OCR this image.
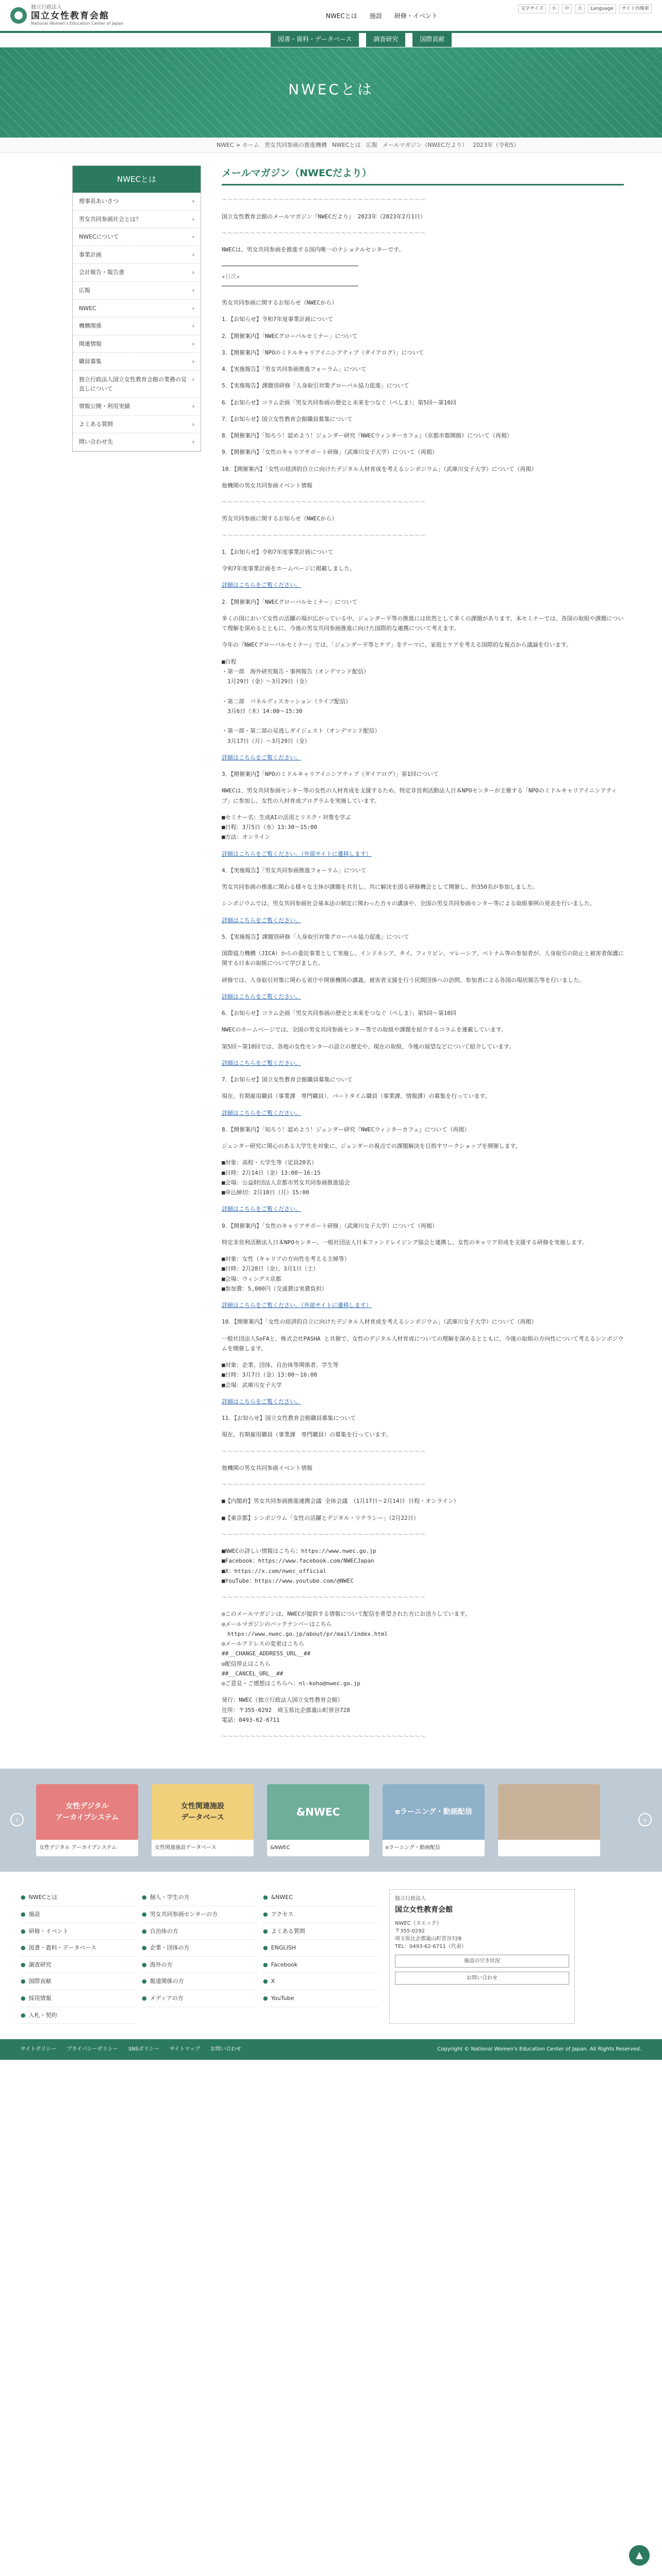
独立行政法人
国立女性教育会館
National Women's Education Center of Japan
NWECとは	施設	研修・イベント
文字サイズ	小	中	大	Language	サイト内検索
図書・資料・データベース	調査研究	国際貢献
NWECとは
NWEC > ホーム 男女共同参画の推進機構 NWECとは 広報 メールマガジン（NWECだより） 2023年（令和5）
NWECとは
理事長あいさつ	›
男女共同参画社会とは？	›
NWECについて	›
事業計画	›
会計報告・報告書	›
広報	›
NWEC	›
機構関係	›
関連情報	›
職員募集	›
独立行政法人国立女性教育会館の業務の見直しについて
›
情報公開・利用実績	›
よくある質問	›
問い合わせ先	›
メールマガジン（NWECだより）

～～～～～～～～～～～～～～～～～～～～～～～～～～～～～～～～～～～～

国立女性教育会館のメールマガジン『NWECだより』 2023年（2023年2月1日）

～～～～～～～～～～～～～～～～～～～～～～～～～～～～～～～～～～～～

NWECは、男女共同参画を推進する国内唯一のナショナルセンターです。

━━━━━━━━━━━━━━━━━━━━━━━━━━━━━━━━━━━━━━━━
★目次★
━━━━━━━━━━━━━━━━━━━━━━━━━━━━━━━━━━━━━━━━

男女共同参画に関するお知らせ（NWECから）

1．【お知らせ】令和7年度事業計画について

2．【開催案内】「NWECグローバルセミナー」について

3．【開催案内】「NPOのミドルキャリアイニシアティブ（ダイアログ）」について

4．【実施報告】「男女共同参画推進フォーラム」について

5．【実施報告】課題別研修「人身取引対策グローバル協力促進」について

6．【お知らせ】コラム企画「男女共同参画の歴史と未来をつなぐ（ぺしま）」第5回〜第10回

7．【お知らせ】国立女性教育会館職員募集について

8．【開催案内】「知ろう！認めよう！ジェンダー研究『NWECウィンターカフェ』（京都市都開館）について（再掲）

9．【開催案内】「女性のキャリアサポート研修」（武庫川女子大学）について（再掲）

10．【開催案内】「女性の経済的自立に向けたデジタル人材育成を考えるシンポジウム」（武庫川女子大学）について（再掲）

他機関の男女共同参画イベント情報

～～～～～～～～～～～～～～～～～～～～～～～～～～～～～～～～～～～～

男女共同参画に関するお知らせ（NWECから）

～～～～～～～～～～～～～～～～～～～～～～～～～～～～～～～～～～～～

1．【お知らせ】令和7年度事業計画について

令和7年度事業計画をホームページに掲載しました。

詳細はこちらをご覧ください。

2．【開催案内】「NWECグローバルセミナー」について

多くの国において女性の活躍の場が広がっている中、ジェンダー平等の推進には依然として多くの課題があります。本セミナーでは、各国の取組や課題について理解を深めるとともに、今後の男女共同参画推進に向けた国際的な連携について考えます。

今年の『NWECグローバルセミナー』では、「ジェンダー平等とケア」をテーマに、家庭とケアを考える国際的な視点から議論を行います。

■日程
・第一部　海外研究報告・事例報告（オンデマンド配信）
　1月29日（金）〜3月29日（金）

・第二部　パネルディスカッション（ライブ配信）
　3月6日（木）14:00〜15:30

・第一部・第二部の見逃しダイジェスト（オンデマンド配信）
　3月17日（月）〜3月29日（金）

詳細はこちらをご覧ください。

3．【開催案内】「NPOのミドルキャリアイニシアティブ（ダイアログ）」第1回について

NWECは、男女共同参画センター等の女性の人材育成を支援するため、特定非営利活動法人日本NPOセンターが主催する「NPOのミドルキャリアイニシアティブ」に参加し、女性の人材育成プログラムを実施しています。

■セミナー名：生成AIの活用とリスク・対策を学ぶ
■日程：3月5日（水）13:30〜15:00
■方法：オンライン

詳細はこちらをご覧ください。（外部サイトに遷移します）

4．【実施報告】「男女共同参画推進フォーラム」について

男女共同参画の推進に関わる様々な主体が課題を共有し、共に解決を図る研修機会として開催し、約350名が参加しました。

シンポジウムでは、男女共同参画社会基本法の制定に関わった方々の講演や、全国の男女共同参画センター等による取組事例の発表を行いました。

詳細はこちらをご覧ください。

5．【実施報告】課題別研修「人身取引対策グローバル協力促進」について

国際協力機構（JICA）からの委託事業として実施し、インドネシア、タイ、フィリピン、マレーシア、ベトナム等の参加者が、人身取引の防止と被害者保護に関する日本の取組について学びました。

研修では、人身取引対策に関わる省庁や関係機関の講義、被害者支援を行う民間団体への訪問、参加者による各国の現状報告等を行いました。

詳細はこちらをご覧ください。

6．【お知らせ】コラム企画「男女共同参画の歴史と未来をつなぐ（ぺしま）」第5回〜第10回

NWECのホームページでは、全国の男女共同参画センター等での取組や課題を紹介するコラムを連載しています。

第5回〜第10回では、各地の女性センターの設立の歴史や、現在の取組、今後の展望などについて紹介しています。

詳細はこちらをご覧ください。

7．【お知らせ】国立女性教育会館職員募集について

現在、有期雇用職員（事業課　専門職員）、パートタイム職員（事業課、情報課）の募集を行っています。

詳細はこちらをご覧ください。

8．【開催案内】「知ろう！認めよう！ジェンダー研究『NWECウィンターカフェ』について（再掲）

ジェンダー研究に関心のある大学生を対象に、ジェンダーの視点での課題解決を目指すワークショップを開催します。

■対象：高校・大学生等（定員20名）
■日時：2月14日（金）13:00〜16:15
■会場：公益財団法人京都市男女共同参画推進協会
■申込締切：2月10日（月）15:00

詳細はこちらをご覧ください。

9．【開催案内】「女性のキャリアサポート研修」（武庫川女子大学）について（再掲）

特定非営利活動法人日本NPOセンター、一般社団法人日本ファンドレイジング協会と連携し、女性のキャリア形成を支援する研修を実施します。

■対象：女性（キャリアの方向性を考える主婦等）
■日時：2月28日（金）、3月1日（土）
■会場：ウィングス京都
■参加費：5,000円（交通費は実費負担）

詳細はこちらをご覧ください。（外部サイトに遷移します）

10．【開催案内】「女性の経済的自立に向けたデジタル人材育成を考えるシンポジウム」（武庫川女子大学）について（再掲）

一般社団法人SoFAと、株式会社PASHA と共催で、女性のデジタル人材育成についての理解を深めるとともに、今後の取組の方向性について考えるシンポジウムを開催します。

■対象：企業、団体、自治体等関係者、学生等
■日時：3月7日（金）13:00〜16:00
■会場：武庫川女子大学

詳細はこちらをご覧ください。

11．【お知らせ】国立女性教育会館職員募集について

現在、有期雇用職員（事業課　専門職員）の募集を行っています。

～～～～～～～～～～～～～～～～～～～～～～～～～～～～～～～～～～～～

他機関の男女共同参画イベント情報

～～～～～～～～～～～～～～～～～～～～～～～～～～～～～～～～～～～～

■【内閣府】男女共同参画推進連携会議 全体会議　（1月17日〜2月14日 日程・オンライン）

■【東京都】シンポジウム「女性の活躍とデジタル・リテラシー」（2月22日）

～～～～～～～～～～～～～～～～～～～～～～～～～～～～～～～～～～～～

■NWECの詳しい情報はこちら：https://www.nwec.go.jp
■Facebook：https://www.facebook.com/NWECJapan
■X：https://x.com/nwec_official
■YouTube：https://www.youtube.com/@NWEC

～～～～～～～～～～～～～～～～～～～～～～～～～～～～～～～～～～～～

◎このメールマガジンは、NWECが提供する情報について配信を希望された方にお送りしています。
◎メールマガジンのバックナンバーはこちら
　https://www.nwec.go.jp/about/pr/mail/index.html
◎メールアドレスの変更はこちら
##__CHANGE_ADDRESS_URL__##
◎配信停止はこちら
##__CANCEL_URL__##
◎ご意見・ご感想はこちらへ：nl-koho@nwec.go.jp

発行：NWEC（独立行政法人国立女性教育会館）
住所：〒355-0292　埼玉県比企郡嵐山町菅谷728
電話：0493-62-6711

～～～～～～～～～～～～～～～～～～～～～～～～～～～～～～～～～～～～

‹
女性デジタル
アーカイブシステム
女性デジタル アーカイブシステム
女性関連施設
データベース
女性関連施設データベース
&NWEC
&NWEC
eラーニング・動画配信
eラーニング・動画配信
›
● NWECとは
● 施設
● 研修・イベント
● 図書・資料・データベース
● 調査研究
● 国際貢献
● 採用情報
● 入札・契約
● 個人・学生の方
● 男女共同参画センターの方
● 自治体の方
● 企業・団体の方
● 海外の方
● 報道関係の方
● メディアの方
● &NWEC
● アクセス
● よくある質問
● ENGLISH
● Facebook
● X
● YouTube
独立行政法人
国立女性教育会館
NWEC（ヌエック）
〒355-0292
埼玉県比企郡嵐山町菅谷728
TEL：0493-62-6711（代表）
施設の空き状況
お問い合わせ
サイトポリシー プライバシーポリシー SNSポリシー サイトマップ お問い合わせ	Copyright © National Women's Education Center of Japan. All Rights Reserved.
▲
